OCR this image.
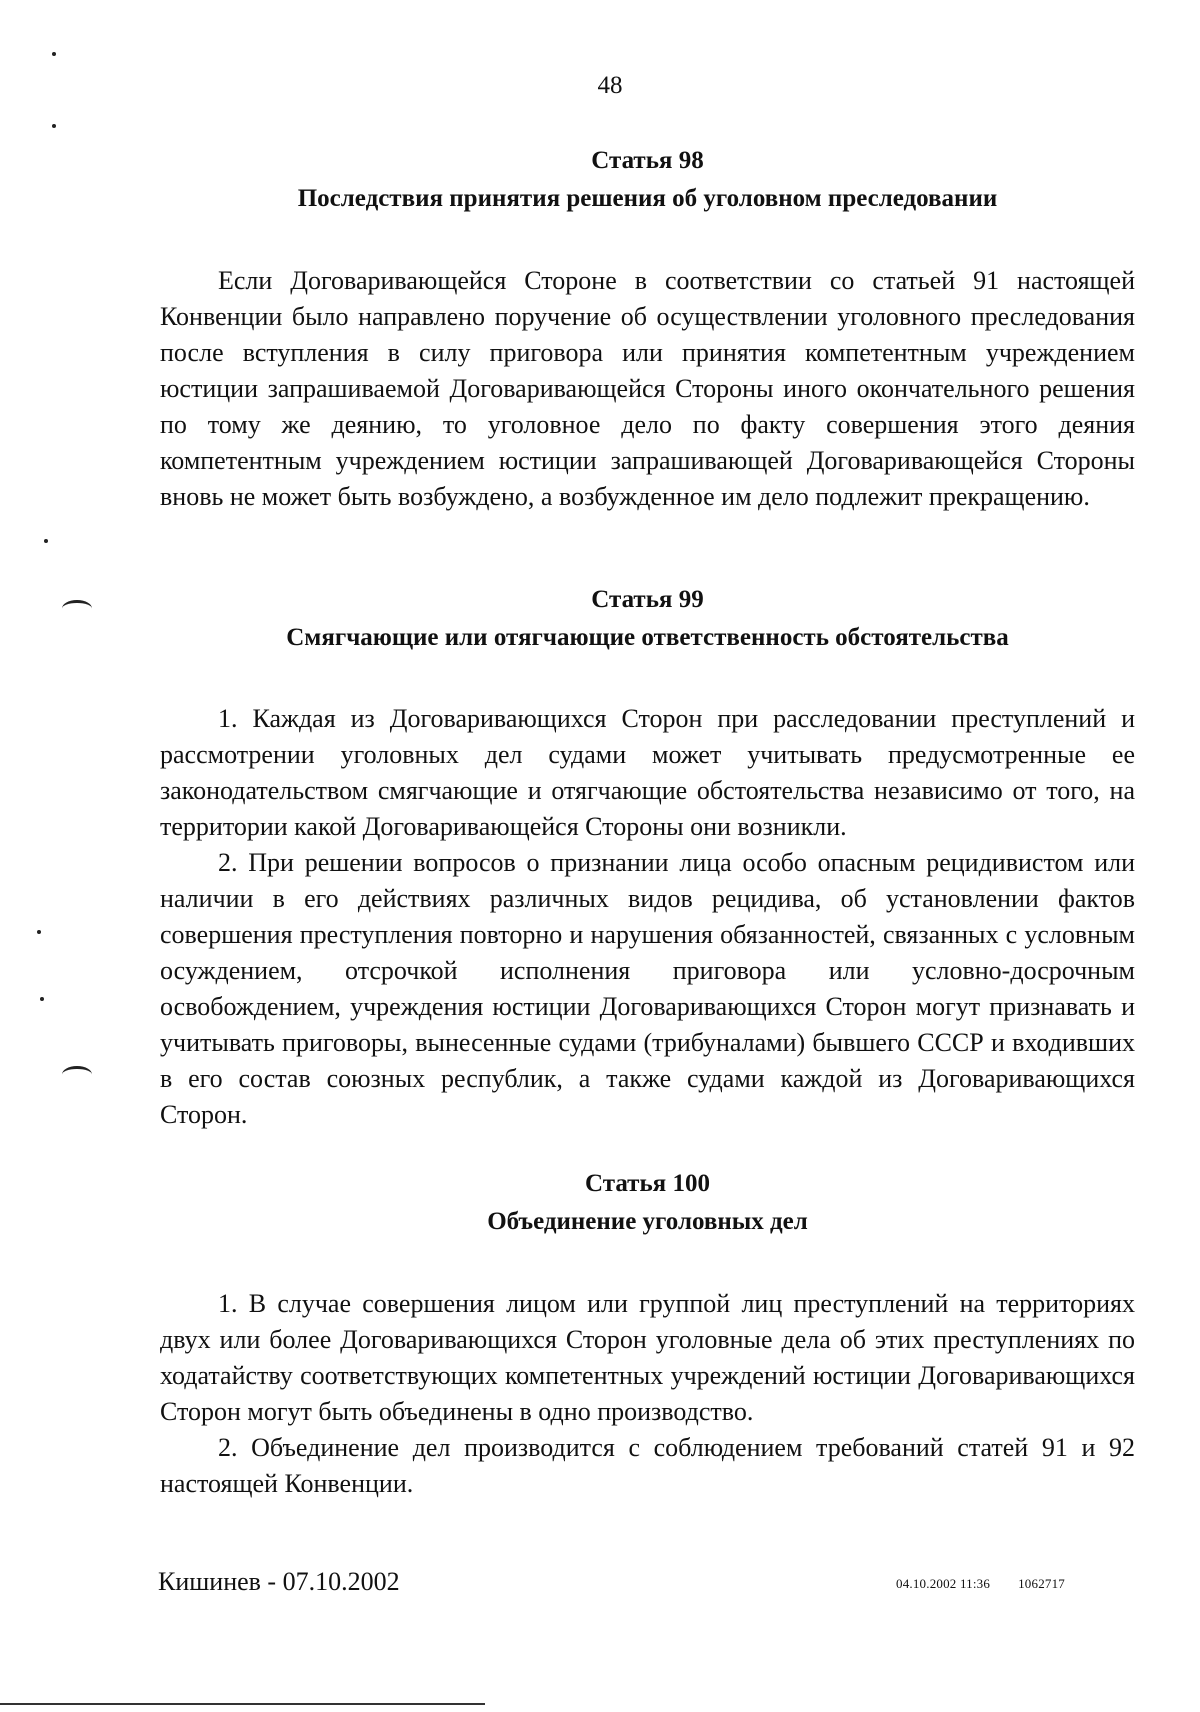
48
Статья 98
Последствия принятия решения об уголовном преследовании

Если Договаривающейся Стороне в соответствии со статьей 91 настоящей Конвенции было направлено поручение об осуществлении уголовного преследования после вступления в силу приговора или принятия компетентным учреждением юстиции запрашиваемой Договаривающейся Стороны иного окончательного решения по тому же деянию, то уголовное дело по факту совершения этого деяния компетентным учреждением юстиции запрашивающей Договаривающейся Стороны вновь не может быть возбуждено, а возбужденное им дело подлежит прекращению.

Статья 99
Смягчающие или отягчающие ответственность обстоятельства

1. Каждая из Договаривающихся Сторон при расследовании преступлений и рассмотрении уголовных дел судами может учитывать предусмотренные ее законодательством смягчающие и отягчающие обстоятельства независимо от того, на территории какой Договаривающейся Стороны они возникли.

2. При решении вопросов о признании лица особо опасным рецидивистом или наличии в его действиях различных видов рецидива, об установлении фактов совершения преступления повторно и нарушения обязанностей, связанных с условным осуждением, отсрочкой исполнения приговора или условно-досрочным освобождением, учреждения юстиции Договаривающихся Сторон могут признавать и учитывать приговоры, вынесенные судами (трибуналами) бывшего СССР и входивших в его состав союзных республик, а также судами каждой из Договаривающихся Сторон.

Статья 100
Объединение уголовных дел

1. В случае совершения лицом или группой лиц преступлений на территориях двух или более Договаривающихся Сторон уголовные дела об этих преступлениях по ходатайству соответствующих компетентных учреждений юстиции Договаривающихся Сторон могут быть объединены в одно производство.

2. Объединение дел производится с соблюдением требований статей 91 и 92 настоящей Конвенции.

Кишинев - 07.10.2002	04.10.2002 11:36 1062717
